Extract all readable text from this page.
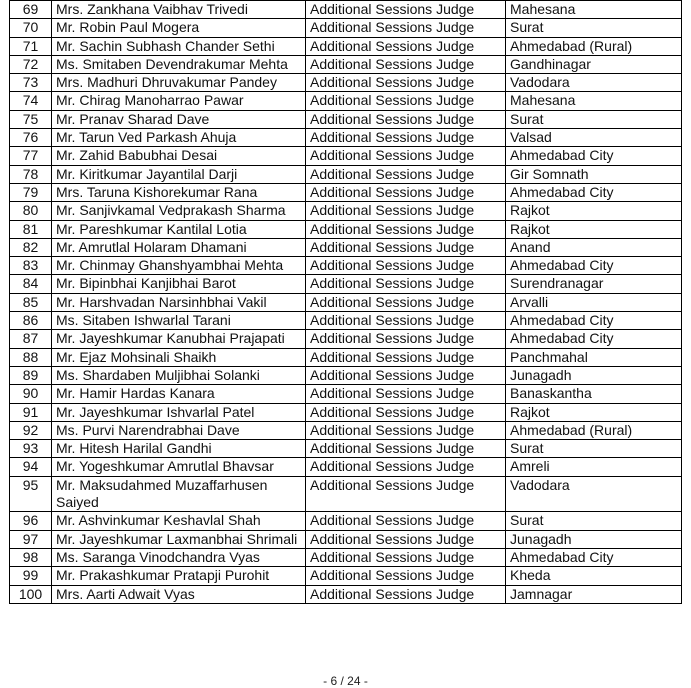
69	Mrs. Zankhana Vaibhav Trivedi	Additional Sessions Judge	Mahesana
70	Mr. Robin Paul Mogera	Additional Sessions Judge	Surat
71	Mr. Sachin Subhash Chander Sethi	Additional Sessions Judge	Ahmedabad (Rural)
72	Ms. Smitaben Devendrakumar Mehta	Additional Sessions Judge	Gandhinagar
73	Mrs. Madhuri Dhruvakumar Pandey	Additional Sessions Judge	Vadodara
74	Mr. Chirag Manoharrao Pawar	Additional Sessions Judge	Mahesana
75	Mr. Pranav Sharad Dave	Additional Sessions Judge	Surat
76	Mr. Tarun Ved Parkash Ahuja	Additional Sessions Judge	Valsad
77	Mr. Zahid Babubhai Desai	Additional Sessions Judge	Ahmedabad City
78	Mr. Kiritkumar Jayantilal Darji	Additional Sessions Judge	Gir Somnath
79	Mrs. Taruna Kishorekumar Rana	Additional Sessions Judge	Ahmedabad City
80	Mr. Sanjivkamal Vedprakash Sharma	Additional Sessions Judge	Rajkot
81	Mr. Pareshkumar Kantilal Lotia	Additional Sessions Judge	Rajkot
82	Mr. Amrutlal Holaram Dhamani	Additional Sessions Judge	Anand
83	Mr. Chinmay Ghanshyambhai Mehta	Additional Sessions Judge	Ahmedabad City
84	Mr. Bipinbhai Kanjibhai Barot	Additional Sessions Judge	Surendranagar
85	Mr. Harshvadan Narsinhbhai Vakil	Additional Sessions Judge	Arvalli
86	Ms. Sitaben Ishwarlal Tarani	Additional Sessions Judge	Ahmedabad City
87	Mr. Jayeshkumar Kanubhai Prajapati	Additional Sessions Judge	Ahmedabad City
88	Mr. Ejaz Mohsinali Shaikh	Additional Sessions Judge	Panchmahal
89	Ms. Shardaben Muljibhai Solanki	Additional Sessions Judge	Junagadh
90	Mr. Hamir Hardas Kanara	Additional Sessions Judge	Banaskantha
91	Mr. Jayeshkumar Ishvarlal Patel	Additional Sessions Judge	Rajkot
92	Ms. Purvi Narendrabhai Dave	Additional Sessions Judge	Ahmedabad (Rural)
93	Mr. Hitesh Harilal Gandhi	Additional Sessions Judge	Surat
94	Mr. Yogeshkumar Amrutlal Bhavsar	Additional Sessions Judge	Amreli
95	Mr. Maksudahmed Muzaffarhusen Saiyed	Additional Sessions Judge	Vadodara
96	Mr. Ashvinkumar Keshavlal Shah	Additional Sessions Judge	Surat
97	Mr. Jayeshkumar Laxmanbhai Shrimali	Additional Sessions Judge	Junagadh
98	Ms. Saranga Vinodchandra Vyas	Additional Sessions Judge	Ahmedabad City
99	Mr. Prakashkumar Pratapji Purohit	Additional Sessions Judge	Kheda
100	Mrs. Aarti Adwait Vyas	Additional Sessions Judge	Jamnagar
- 6 / 24 -
